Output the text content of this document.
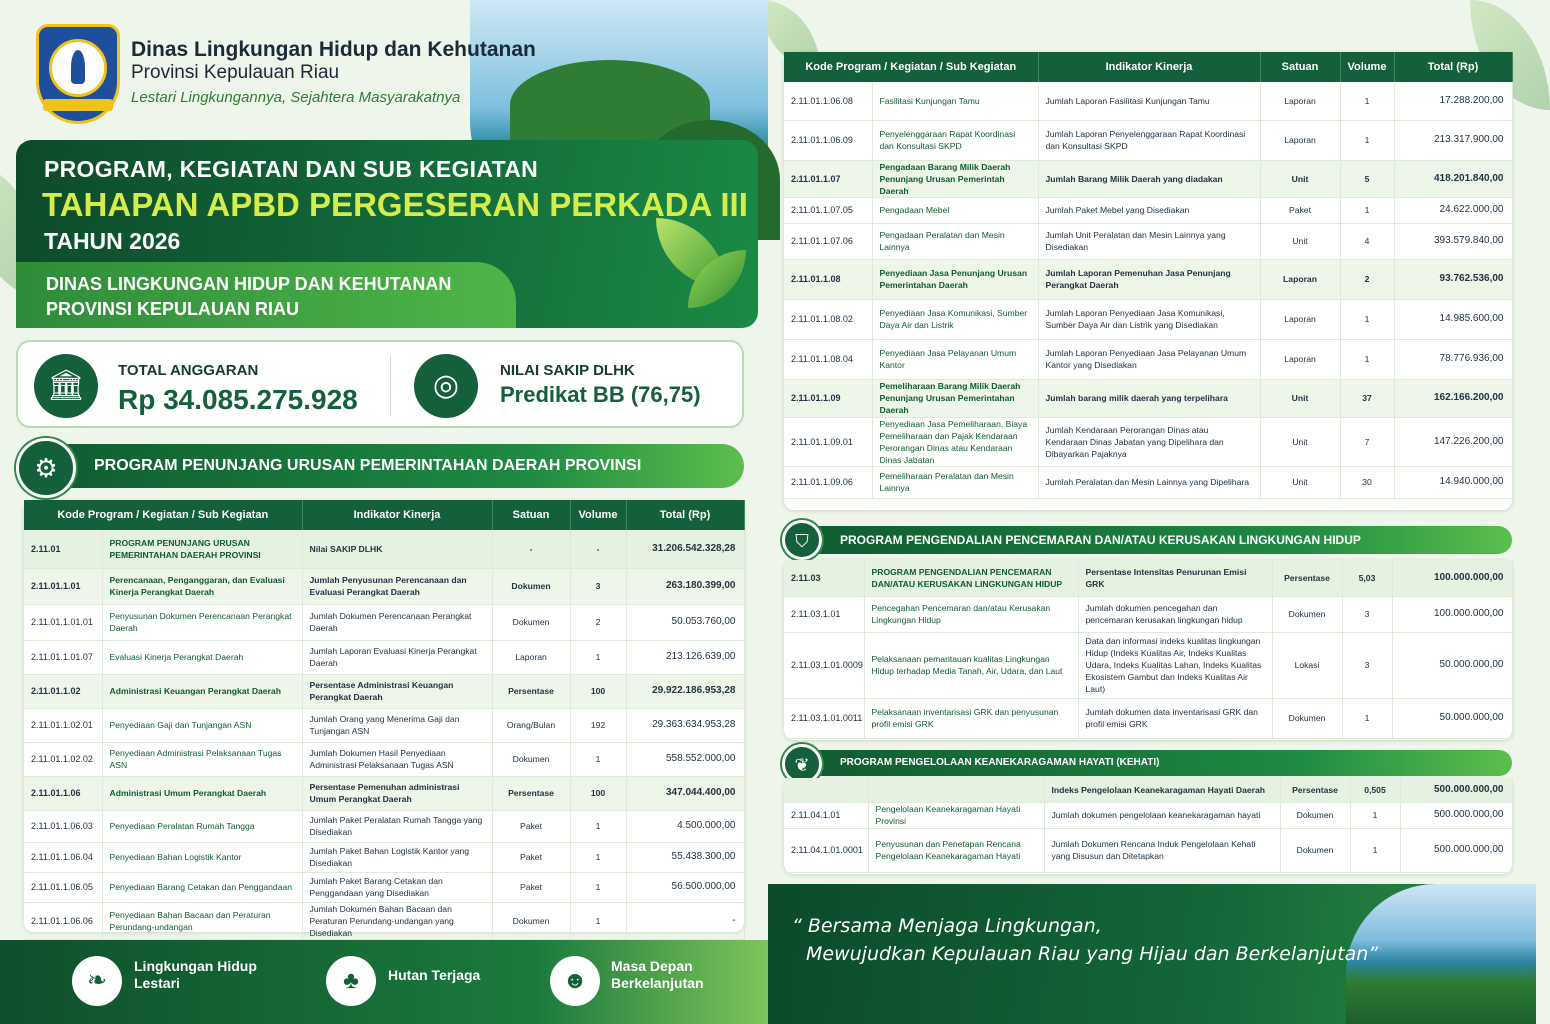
Dinas Lingkungan Hidup dan Kehutanan
Provinsi Kepulauan Riau
Lestari Lingkungannya, Sejahtera Masyarakatnya
PROGRAM, KEGIATAN DAN SUB KEGIATAN
TAHAPAN APBD PERGESERAN PERKADA III
TAHUN 2026
DINAS LINGKUNGAN HIDUP DAN KEHUTANAN
PROVINSI KEPULAUAN RIAU
🏛	TOTAL ANGGARAN
Rp 34.085.275.928	◎	NILAI SAKIP DLHK
Predikat BB (76,75)
PROGRAM PENUNJANG URUSAN PEMERINTAHAN DAERAH PROVINSI
⚙
Kode Program / Kegiatan / Sub Kegiatan		Indikator Kinerja	Satuan	Volume	Total (Rp)
2.11.01	PROGRAM PENUNJANG URUSAN PEMERINTAHAN DAERAH PROVINSI	Nilai SAKIP DLHK	-	-	31.206.542.328,28
2.11.01.1.01	Perencanaan, Penganggaran, dan Evaluasi Kinerja Perangkat Daerah	Jumlah Penyusunan Perencanaan dan Evaluasi Perangkat Daerah	Dokumen	3	263.180.399,00
2.11.01.1.01.01	Penyusunan Dokumen Perencanaan Perangkat Daerah	Jumlah Dokumen Perencanaan Perangkat Daerah	Dokumen	2	50.053.760,00
2.11.01.1.01.07	Evaluasi Kinerja Perangkat Daerah	Jumlah Laporan Evaluasi Kinerja Perangkat Daerah	Laporan	1	213.126.639,00
2.11.01.1.02	Administrasi Keuangan Perangkat Daerah	Persentase Administrasi Keuangan Perangkat Daerah	Persentase	100	29.922.186.953,28
2.11.01.1.02.01	Penyediaan Gaji dan Tunjangan ASN	Jumlah Orang yang Menerima Gaji dan Tunjangan ASN	Orang/Bulan	192	29.363.634.953,28
2.11.01.1.02.02	Penyediaan Administrasi Pelaksanaan Tugas ASN	Jumlah Dokumen Hasil Penyediaan Administrasi Pelaksanaan Tugas ASN	Dokumen	1	558.552.000,00
2.11.01.1.06	Administrasi Umum Perangkat Daerah	Persentase Pemenuhan administrasi Umum Perangkat Daerah	Persentase	100	347.044.400,00
2.11.01.1.06.03	Penyediaan Peralatan Rumah Tangga	Jumlah Paket Peralatan Rumah Tangga yang Disediakan	Paket	1	4.500.000,00
2.11.01.1.06.04	Penyediaan Bahan Logistik Kantor	Jumlah Paket Bahan Logistik Kantor yang Disediakan	Paket	1	55.438.300,00
2.11.01.1.06.05	Penyediaan Barang Cetakan dan Penggandaan	Jumlah Paket Barang Cetakan dan Penggandaan yang Disediakan	Paket	1	56.500.000,00
2.11.01.1.06.06	Penyediaan Bahan Bacaan dan Peraturan Perundang-undangan	Jumlah Dokumen Bahan Bacaan dan Peraturan Perundang-undangan yang Disediakan	Dokumen	1	-
Kode Program / Kegiatan / Sub Kegiatan		Indikator Kinerja	Satuan	Volume	Total (Rp)
2.11.01.1.06.08	Fasilitasi Kunjungan Tamu	Jumlah Laporan Fasilitasi Kunjungan Tamu	Laporan	1	17.288.200,00
2.11.01.1.06.09	Penyelenggaraan Rapat Koordinasi dan Konsultasi SKPD	Jumlah Laporan Penyelenggaraan Rapat Koordinasi dan Konsultasi SKPD	Laporan	1	213.317.900,00
2.11.01.1.07	Pengadaan Barang Milik Daerah Penunjang Urusan Pemerintah Daerah	Jumlah Barang Milik Daerah yang diadakan	Unit	5	418.201.840,00
2.11.01.1.07.05	Pengadaan Mebel	Jumlah Paket Mebel yang Disediakan	Paket	1	24.622.000,00
2.11.01.1.07.06	Pengadaan Peralatan dan Mesin Lainnya	Jumlah Unit Peralatan dan Mesin Lainnya yang Disediakan	Unit	4	393.579.840,00
2.11.01.1.08	Penyediaan Jasa Penunjang Urusan Pemerintahan Daerah	Jumlah Laporan Pemenuhan Jasa Penunjang Perangkat Daerah	Laporan	2	93.762.536,00
2.11.01.1.08.02	Penyediaan Jasa Komunikasi, Sumber Daya Air dan Listrik	Jumlah Laporan Penyediaan Jasa Komunikasi, Sumber Daya Air dan Listrik yang Disediakan	Laporan	1	14.985.600,00
2.11.01.1.08.04	Penyediaan Jasa Pelayanan Umum Kantor	Jumlah Laporan Penyediaan Jasa Pelayanan Umum Kantor yang Disediakan	Laporan	1	78.776.936,00
2.11.01.1.09	Pemeliharaan Barang Milik Daerah Penunjang Urusan Pemerintahan Daerah	Jumlah barang milik daerah yang terpelihara	Unit	37	162.166.200,00
2.11.01.1.09.01	Penyediaan Jasa Pemeliharaan, Biaya Pemeliharaan dan Pajak Kendaraan Perorangan Dinas atau Kendaraan Dinas Jabatan	Jumlah Kendaraan Perorangan Dinas atau Kendaraan Dinas Jabatan yang Dipelihara dan Dibayarkan Pajaknya	Unit	7	147.226.200,00
2.11.01.1.09.06	Pemeliharaan Peralatan dan Mesin Lainnya	Jumlah Peralatan dan Mesin Lainnya yang Dipelihara	Unit	30	14.940.000,00
PROGRAM PENGENDALIAN PENCEMARAN DAN/ATAU KERUSAKAN LINGKUNGAN HIDUP
⛉
2.11.03	PROGRAM PENGENDALIAN PENCEMARAN DAN/ATAU KERUSAKAN LINGKUNGAN HIDUP	Persentase Intensitas Penurunan Emisi GRK	Persentase	5,03	100.000.000,00
2.11.03.1.01	Pencegahan Pencemaran dan/atau Kerusakan Lingkungan Hidup	Jumlah dokumen pencegahan dan pencemaran kerusakan lingkungan hidup	Dokumen	3	100.000.000,00
2.11.03.1.01.0009	Pelaksanaan pemantauan kualitas Lingkungan Hidup terhadap Media Tanah, Air, Udara, dan Laut	Data dan informasi indeks kualitas lingkungan Hidup (Indeks Kualitas Air, Indeks Kualitas Udara, Indeks Kualitas Lahan, Indeks Kualitas Ekosistem Gambut dan Indeks Kualitas Air Laut)	Lokasi	3	50.000.000,00
2.11.03.1.01.0011	Pelaksanaan inventarisasi GRK dan penyusunan profil emisi GRK	Jumlah dokumen data inventarisasi GRK dan profil emisi GRK	Dokumen	1	50.000.000,00
PROGRAM PENGELOLAAN KEANEKARAGAMAN HAYATI (KEHATI)
❦
		Indeks Pengelolaan Keanekaragaman Hayati Daerah	Persentase	0,505	500.000.000,00
2.11.04.1.01	Pengelolaan Keanekaragaman Hayati Provinsi	Jumlah dokumen pengelolaan keanekaragaman hayati	Dokumen	1	500.000.000,00
2.11.04.1.01.0001	Penyusunan dan Penetapan Rencana Pengelolaan Keanekaragaman Hayati	Jumlah Dokumen Rencana Induk Pengelolaan Kehati yang Disusun dan Ditetapkan	Dokumen	1	500.000.000,00
❧
Lingkungan Hidup Lestari	♣	Hutan Terjaga	☻
Masa Depan Berkelanjutan
“ Bersama Menjaga Lingkungan,
Mewujudkan Kepulauan Riau yang Hijau dan Berkelanjutan”
